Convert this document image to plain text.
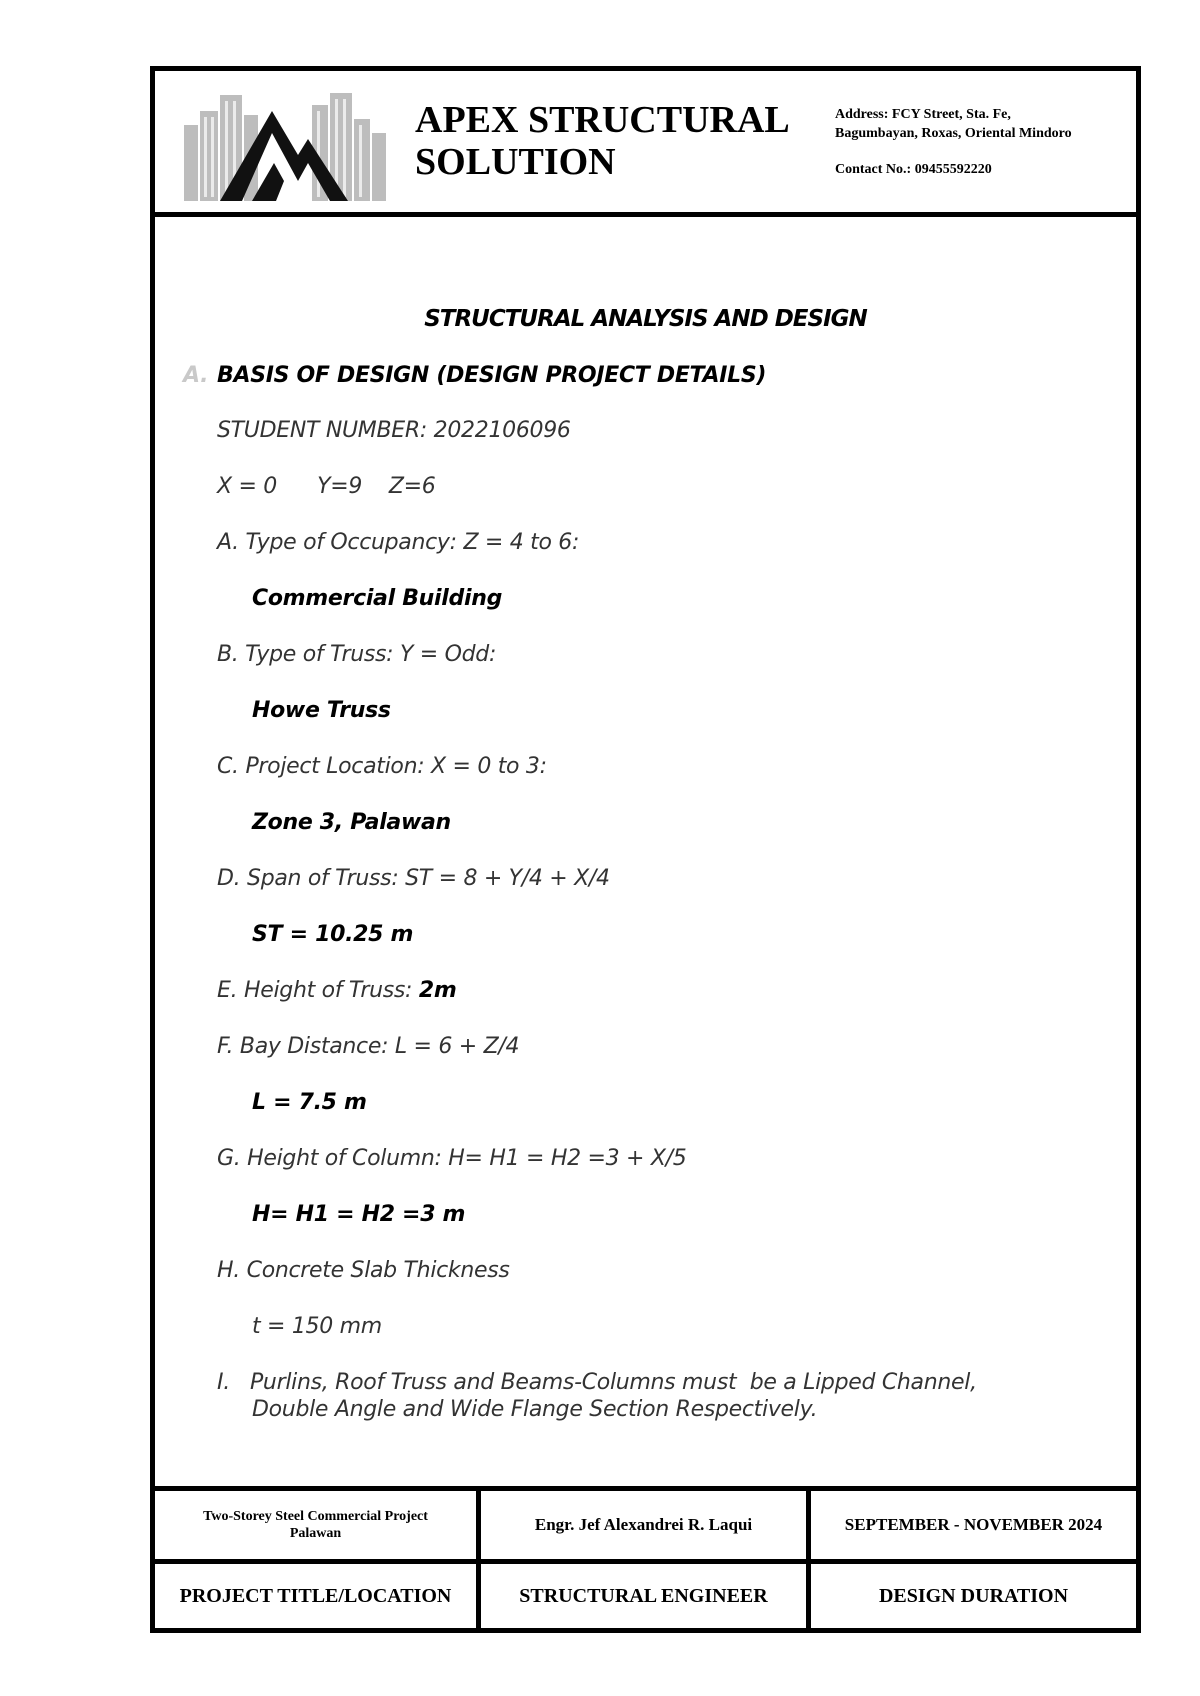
APEX STRUCTURAL
SOLUTION
Address: FCY Street, Sta. Fe,
Bagumbayan, Roxas, Oriental Mindoro
Contact No.: 09455592220
STRUCTURAL ANALYSIS AND DESIGN
A. BASIS OF DESIGN (DESIGN PROJECT DETAILS)
STUDENT NUMBER: 2022106096
X = 0      Y=9    Z=6
A. Type of Occupancy: Z = 4 to 6:
Commercial Building
B. Type of Truss: Y = Odd:
Howe Truss
C. Project Location: X = 0 to 3:
Zone 3, Palawan
D. Span of Truss: ST = 8 + Y/4 + X/4
ST = 10.25 m
E. Height of Truss: 2m
F. Bay Distance: L = 6 + Z/4
L = 7.5 m
G. Height of Column: H= H1 = H2 =3 + X/5
H= H1 = H2 =3 m
H. Concrete Slab Thickness
t = 150 mm
I.   Purlins, Roof Truss and Beams-Columns must  be a Lipped Channel,
Double Angle and Wide Flange Section Respectively.
Two-Storey Steel Commercial Project
Palawan	Engr. Jef Alexandrei R. Laqui	SEPTEMBER - NOVEMBER 2024
PROJECT TITLE/LOCATION	STRUCTURAL ENGINEER	DESIGN DURATION
